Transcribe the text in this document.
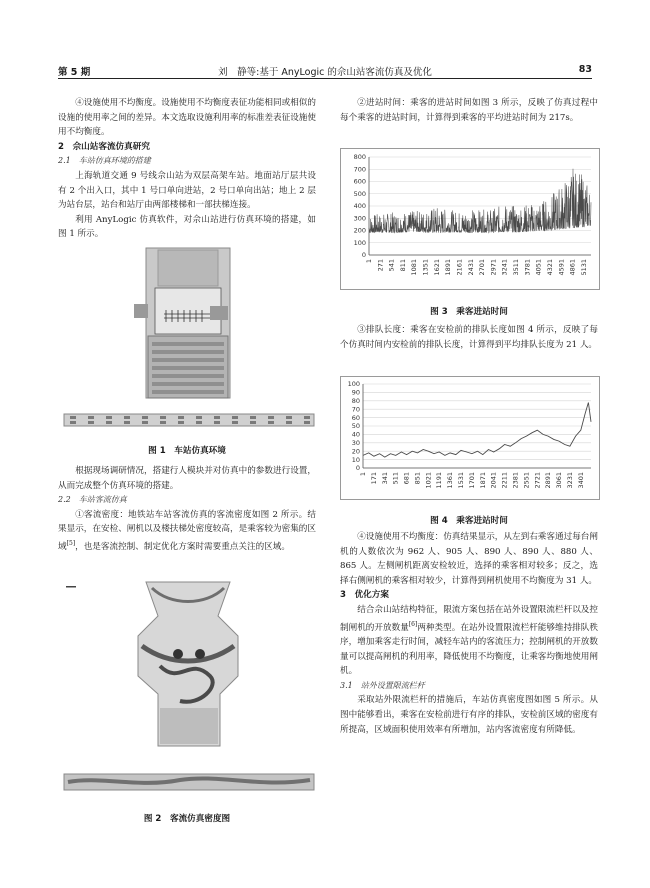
第 5 期	刘　静等:基于 AnyLogic 的佘山站客流仿真及优化	83

④设施使用不均衡度。设施使用不均衡度表征功能相同或相似的设施的使用率之间的差异。本文选取设施利用率的标准差表征设施使用不均衡度。

2　佘山站客流仿真研究
2.1　车站仿真环境的搭建

上海轨道交通 9 号线佘山站为双层高架车站。地面站厅层共设有 2 个出入口，其中 1 号口单向进站，2 号口单向出站；地上 2 层为站台层，站台和站厅由两部楼梯和一部扶梯连接。

利用 AnyLogic 仿真软件，对佘山站进行仿真环境的搭建，如图 1 所示。

图 1　车站仿真环境

根据现场调研情况，搭建行人模块并对仿真中的参数进行设置，从而完成整个仿真环境的搭建。

2.2　车站客流仿真

①客流密度：地铁站车站客流仿真的客流密度如图 2 所示。结果显示，在安检、闸机以及楼扶梯处密度较高，是乘客较为密集的区域[5]，也是客流控制、制定优化方案时需要重点关注的区域。

图 2　客流仿真密度图

②进站时间：乘客的进站时间如图 3 所示，反映了仿真过程中每个乘客的进站时间，计算得到乘客的平均进站时间为 217s。

0
100
200
300
400
500
600
700
800
1 271 541 811 1081 1351 1621 1891 2161 2431 2701 2971 3241 3511 3781 4051 4321 4591 4861 5131
图 3　乘客进站时间

③排队长度：乘客在安检前的排队长度如图 4 所示，反映了每个仿真时间内安检前的排队长度，计算得到平均排队长度为 21 人。

0
10
20
30
40
50
60
70
80
90
100
1 171 341 511 681 851 1021 1191 1361 1531 1701 1871 2041 2211 2381 2551 2721 2891 3061 3231 3401
图 4　乘客进站时间

④设施使用不均衡度：仿真结果显示，从左到右乘客通过每台闸机的人数依次为 962 人、905 人、890 人、890 人、880 人、865 人。左侧闸机距离安检较近，选择的乘客相对较多；反之，选择右侧闸机的乘客相对较少，计算得到闸机使用不均衡度为 31 人。

3　优化方案

结合佘山站结构特征，限流方案包括在站外设置限流栏杆以及控制闸机的开放数量[6]两种类型。在站外设置限流栏杆能够维持排队秩序，增加乘客走行时间，减轻车站内的客流压力；控制闸机的开放数量可以提高闸机的利用率，降低使用不均衡度，让乘客均衡地使用闸机。

3.1　站外设置限流栏杆

采取站外限流栏杆的措施后，车站仿真密度图如图 5 所示。从图中能够看出，乘客在安检前进行有序的排队，安检前区域的密度有所提高，区域面积使用效率有所增加，站内客流密度有所降低。
